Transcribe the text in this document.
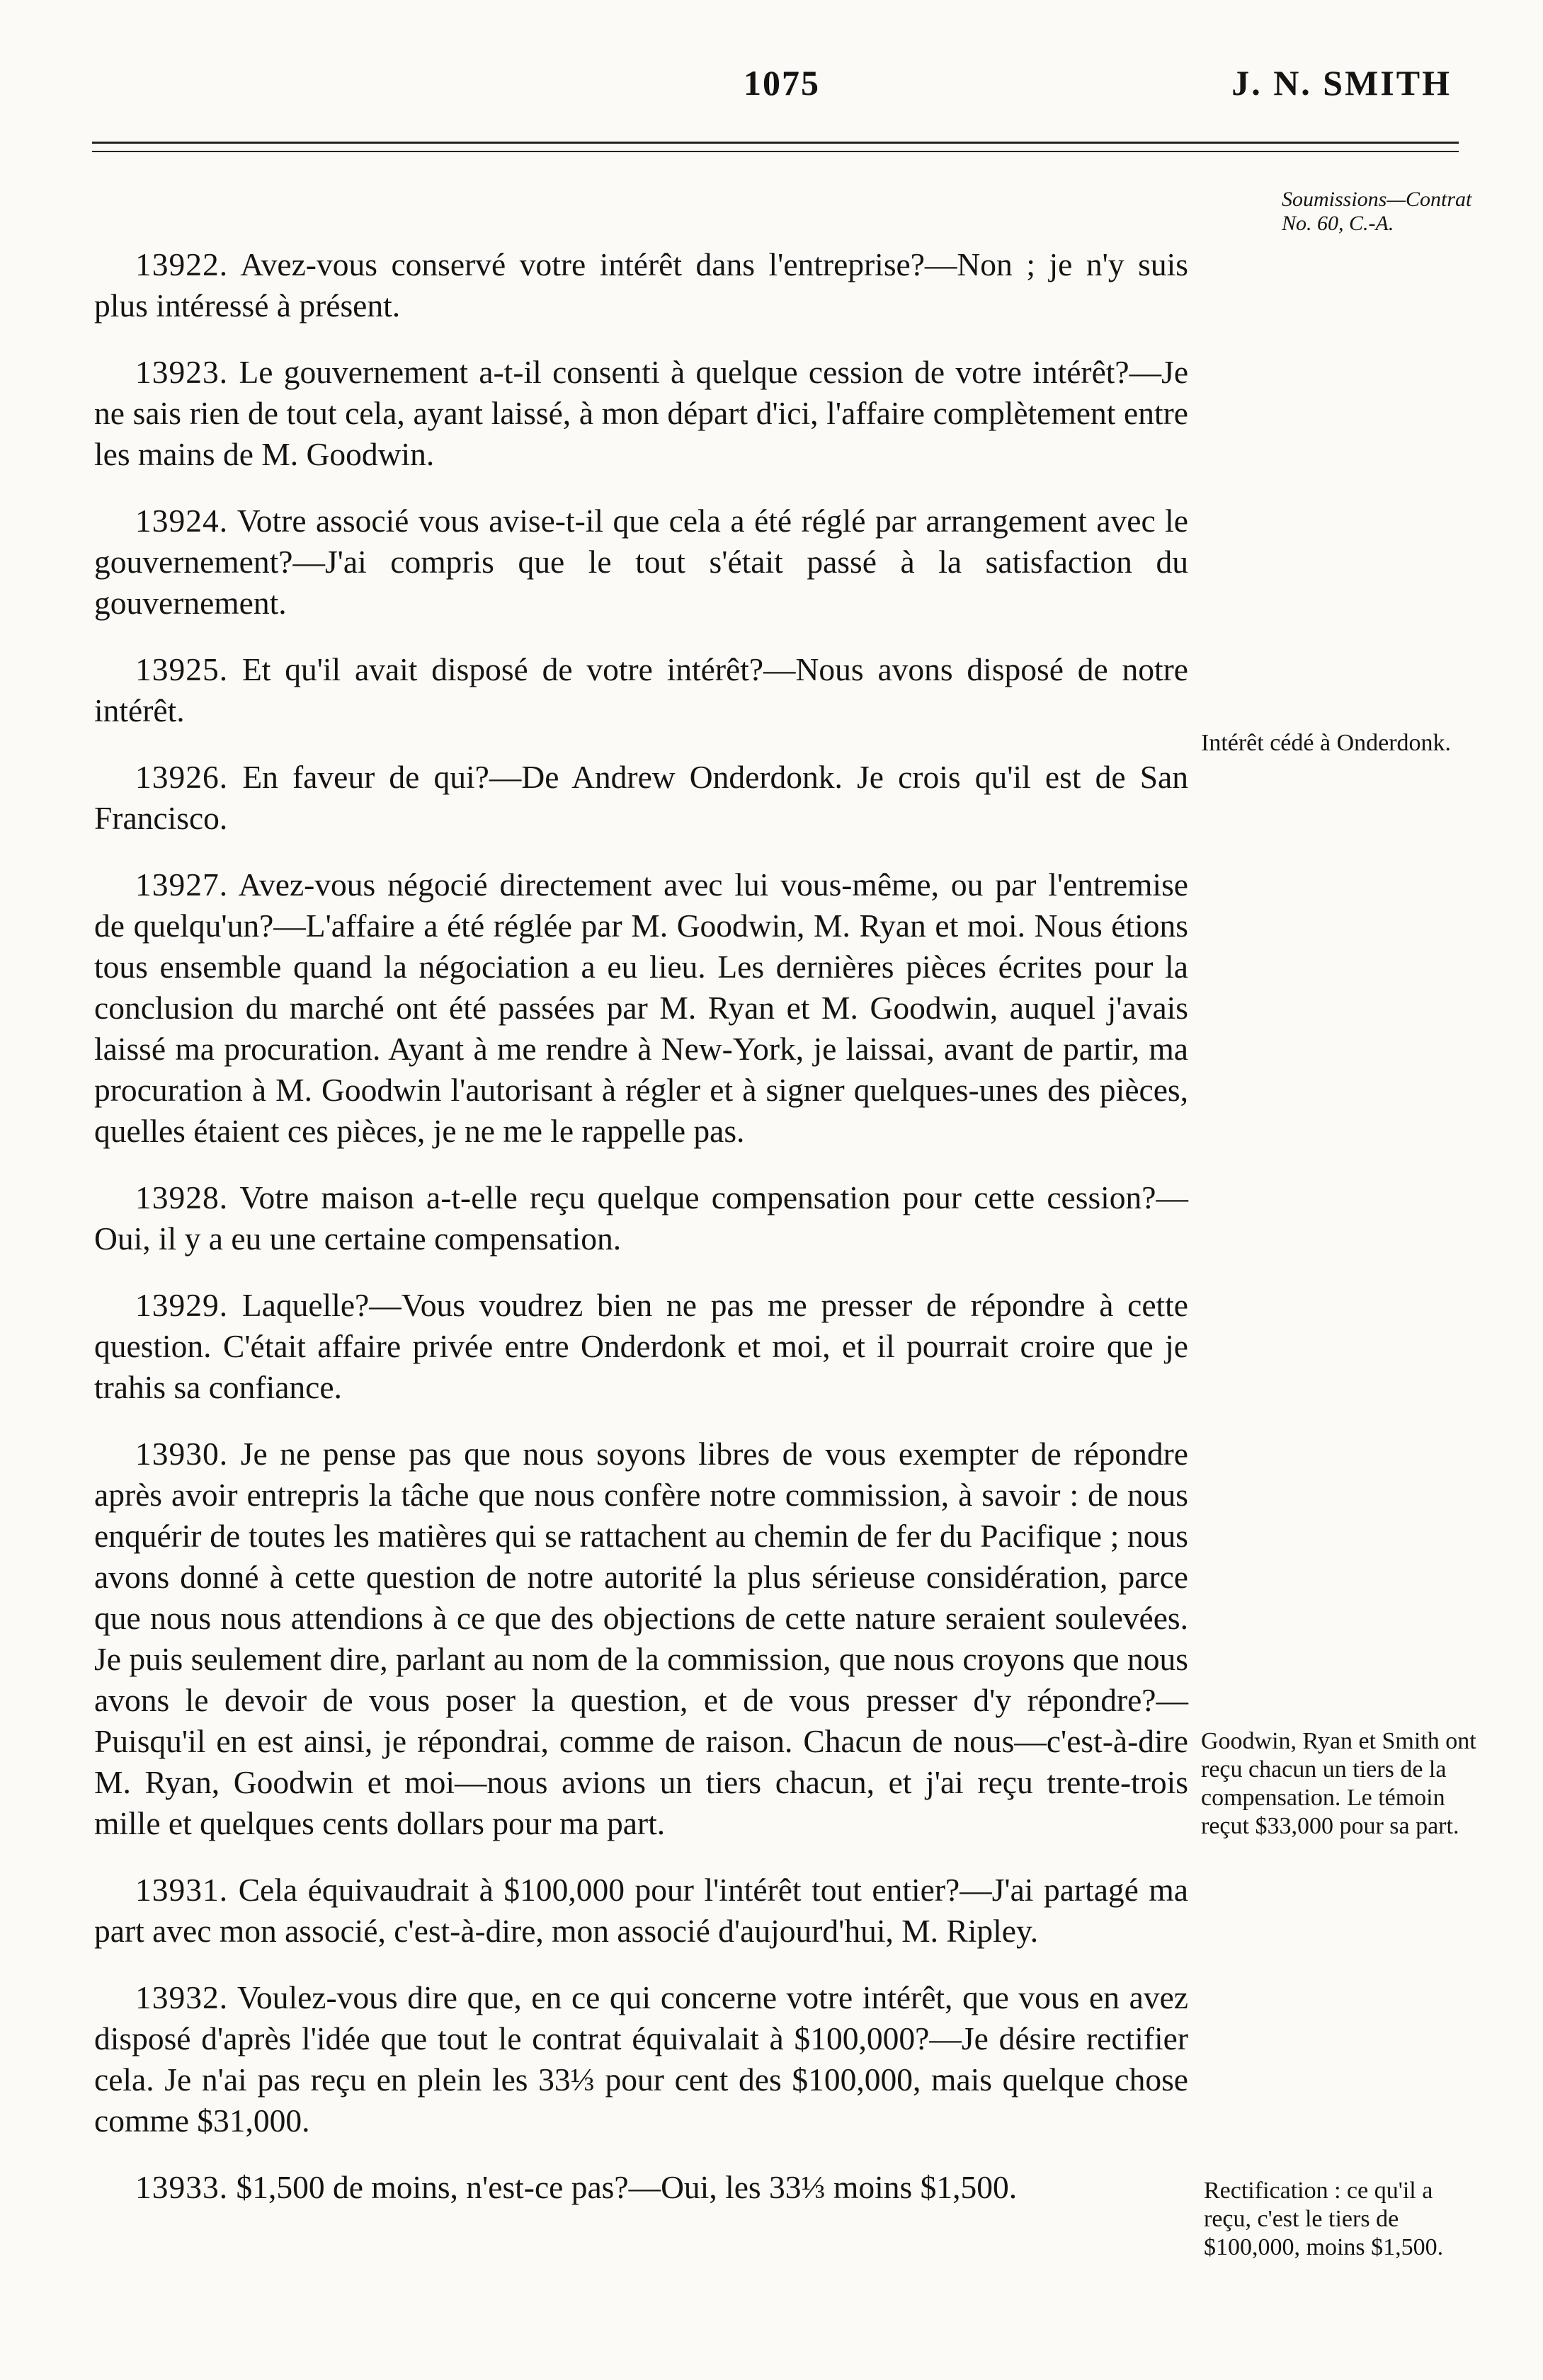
1075	J. N. SMITH

13922. Avez-vous conservé votre intérêt dans l'entreprise?—Non ; je n'y suis plus intéressé à présent.

13923. Le gouvernement a-t-il consenti à quelque cession de votre intérêt?—Je ne sais rien de tout cela, ayant laissé, à mon départ d'ici, l'affaire complètement entre les mains de M. Goodwin.

13924. Votre associé vous avise-t-il que cela a été réglé par arrangement avec le gouvernement?—J'ai compris que le tout s'était passé à la satisfaction du gouvernement.

13925. Et qu'il avait disposé de votre intérêt?—Nous avons disposé de notre intérêt.

13926. En faveur de qui?—De Andrew Onderdonk. Je crois qu'il est de San Francisco.

13927. Avez-vous négocié directement avec lui vous-même, ou par l'entremise de quelqu'un?—L'affaire a été réglée par M. Goodwin, M. Ryan et moi. Nous étions tous ensemble quand la négociation a eu lieu. Les dernières pièces écrites pour la conclusion du marché ont été passées par M. Ryan et M. Goodwin, auquel j'avais laissé ma procuration. Ayant à me rendre à New-York, je laissai, avant de partir, ma procuration à M. Goodwin l'autorisant à régler et à signer quelques-unes des pièces, quelles étaient ces pièces, je ne me le rappelle pas.

13928. Votre maison a-t-elle reçu quelque compensation pour cette cession?—Oui, il y a eu une certaine compensation.

13929. Laquelle?—Vous voudrez bien ne pas me presser de répondre à cette question. C'était affaire privée entre Onderdonk et moi, et il pourrait croire que je trahis sa confiance.

13930. Je ne pense pas que nous soyons libres de vous exempter de répondre après avoir entrepris la tâche que nous confère notre commission, à savoir : de nous enquérir de toutes les matières qui se rattachent au chemin de fer du Pacifique ; nous avons donné à cette question de notre autorité la plus sérieuse considération, parce que nous nous attendions à ce que des objections de cette nature seraient soulevées. Je puis seulement dire, parlant au nom de la commission, que nous croyons que nous avons le devoir de vous poser la question, et de vous presser d'y répondre?—Puisqu'il en est ainsi, je répondrai, comme de raison. Chacun de nous—c'est-à-dire M. Ryan, Goodwin et moi—nous avions un tiers chacun, et j'ai reçu trente-trois mille et quelques cents dollars pour ma part.

13931. Cela équivaudrait à $100,000 pour l'intérêt tout entier?—J'ai partagé ma part avec mon associé, c'est-à-dire, mon associé d'aujourd'hui, M. Ripley.

13932. Voulez-vous dire que, en ce qui concerne votre intérêt, que vous en avez disposé d'après l'idée que tout le contrat équivalait à $100,000?—Je désire rectifier cela. Je n'ai pas reçu en plein les 33⅓ pour cent des $100,000, mais quelque chose comme $31,000.

13933. $1,500 de moins, n'est-ce pas?—Oui, les 33⅓ moins $1,500.

Soumissions—Contrat No. 60, C.-A.
Intérêt cédé à Onderdonk.
Goodwin, Ryan et Smith ont reçu chacun un tiers de la compensation. Le témoin reçut $33,000 pour sa part.
Rectification : ce qu'il a reçu, c'est le tiers de $100,000, moins $1,500.
